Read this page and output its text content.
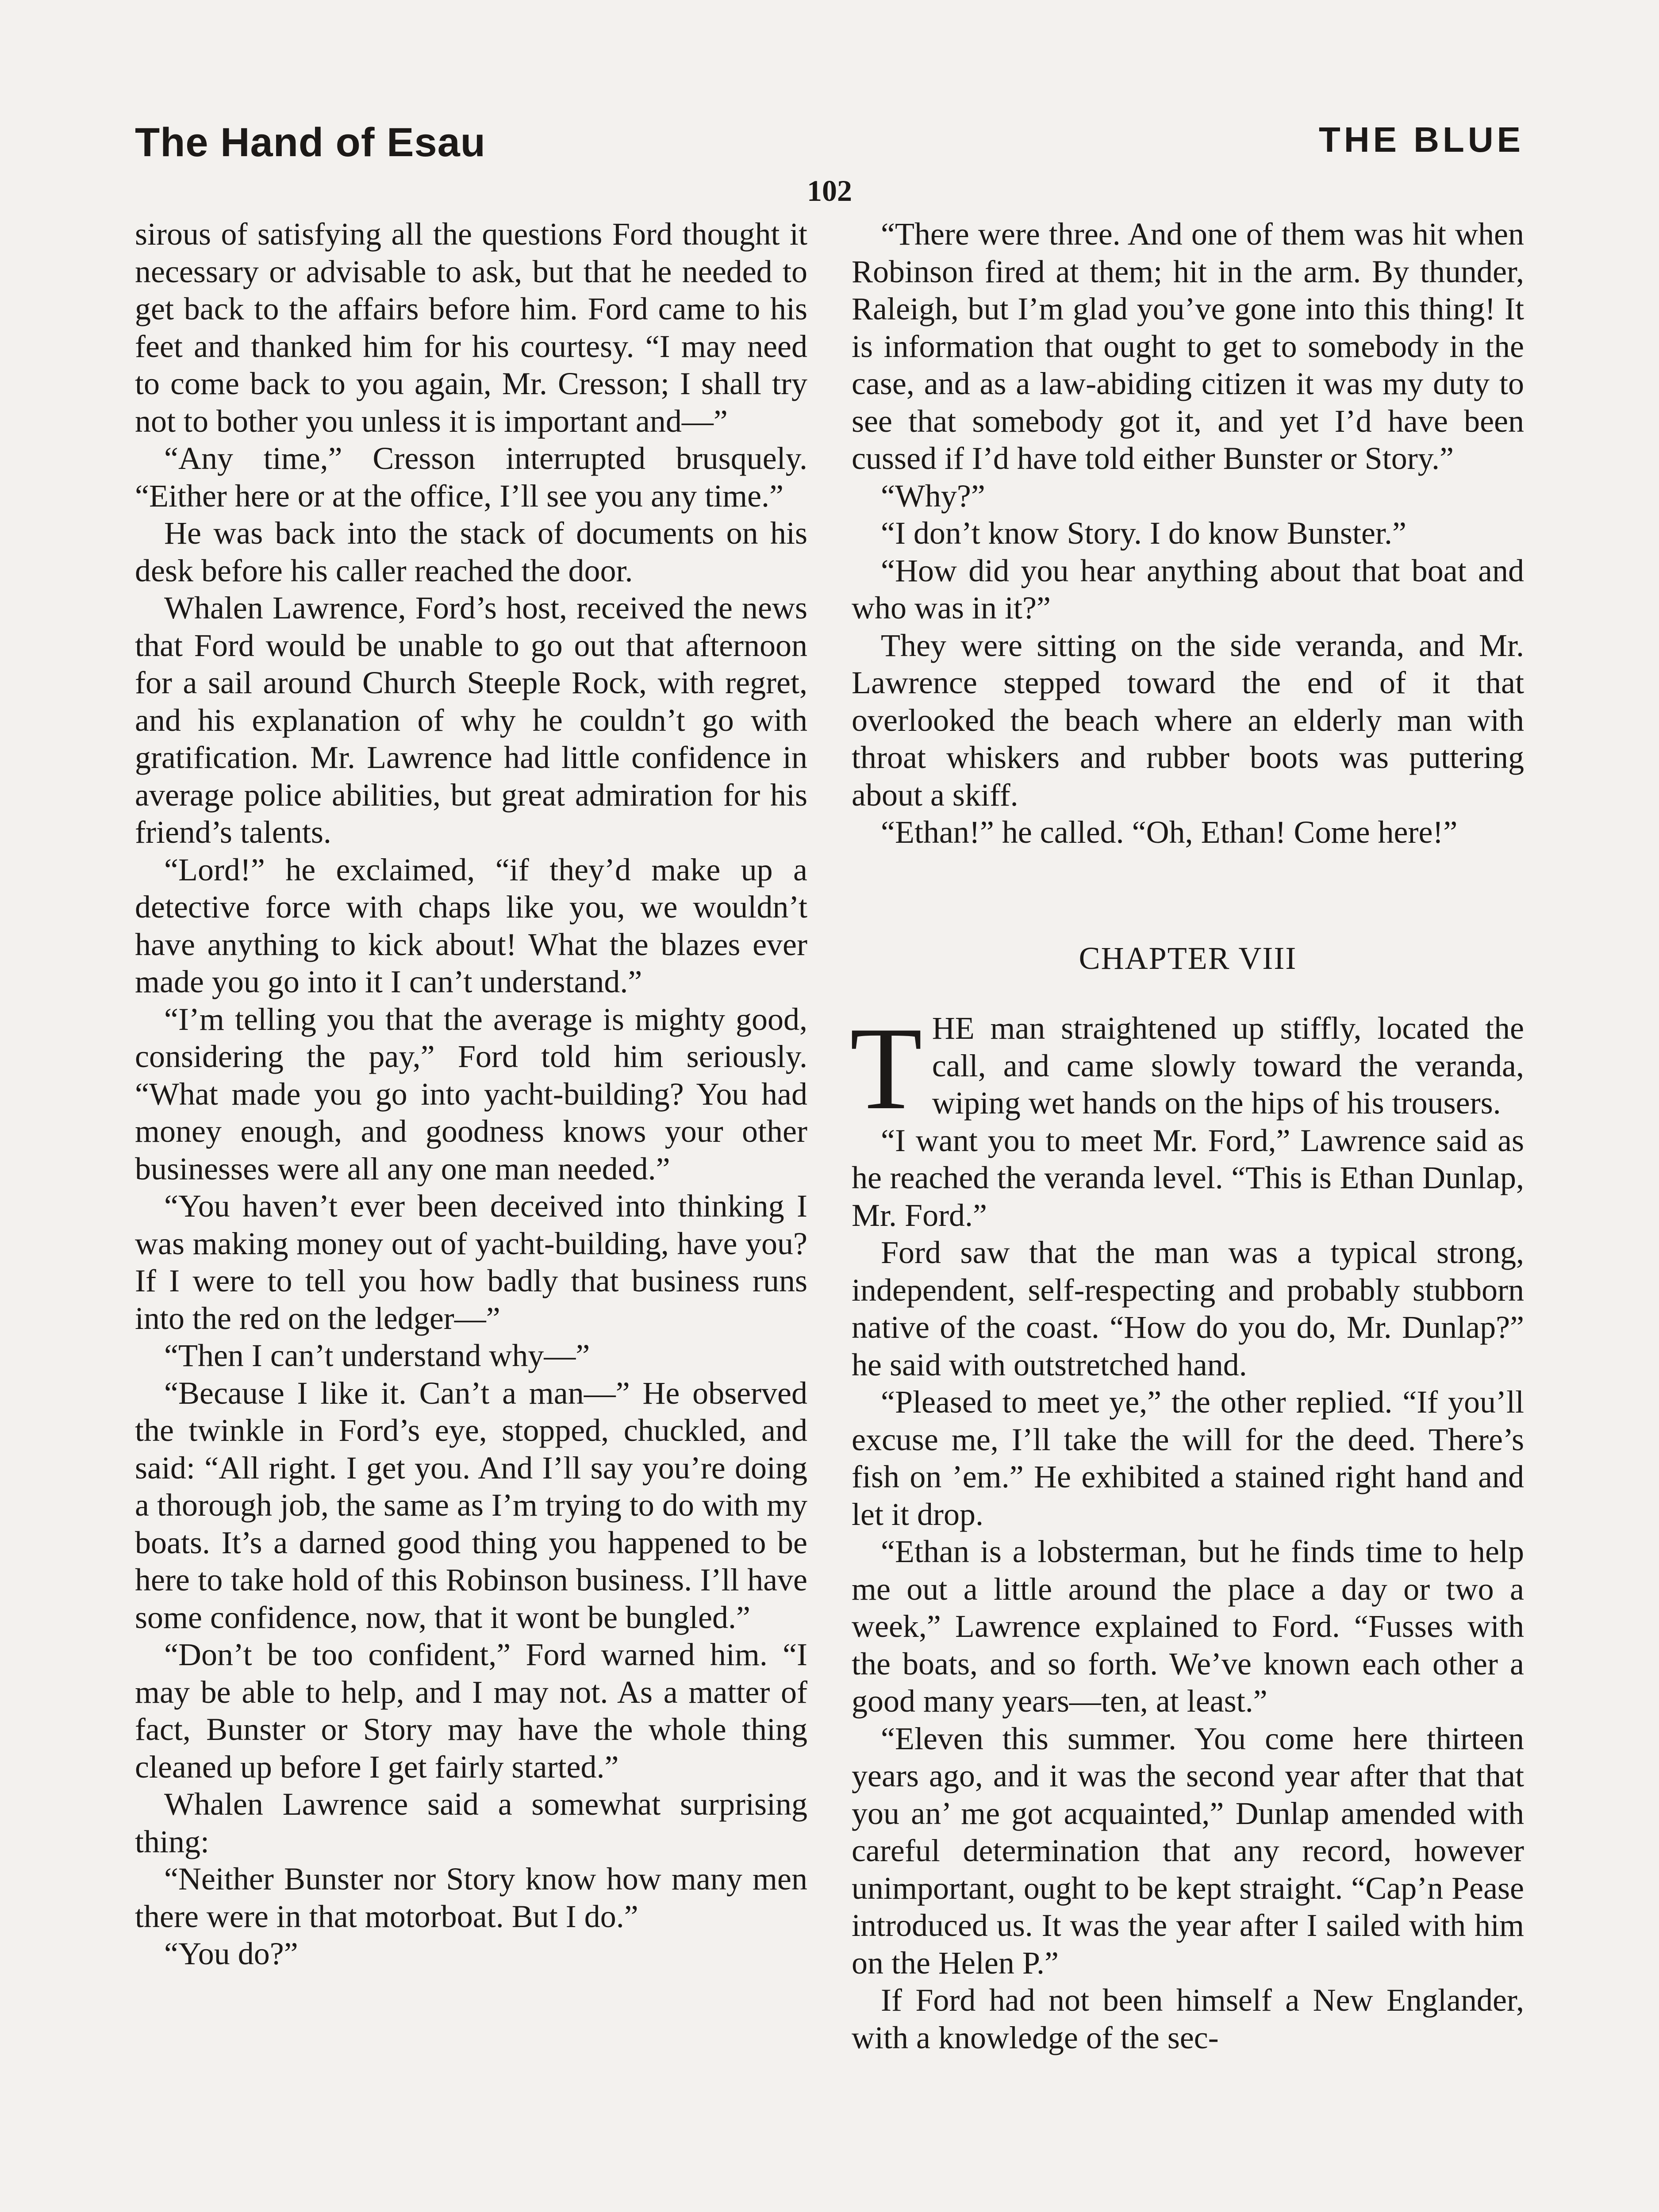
The Hand of Esau	THE BLUE
102

sirous of satisfying all the questions Ford thought it necessary or advisable to ask, but that he needed to get back to the affairs before him. Ford came to his feet and thanked him for his courtesy. “I may need to come back to you again, Mr. Cresson; I shall try not to bother you unless it is important and—”

“Any time,” Cresson interrupted brusquely. “Either here or at the office, I’ll see you any time.”

He was back into the stack of documents on his desk before his caller reached the door.

Whalen Lawrence, Ford’s host, received the news that Ford would be unable to go out that afternoon for a sail around Church Steeple Rock, with regret, and his explanation of why he couldn’t go with gratification. Mr. Lawrence had little confidence in average police abilities, but great admiration for his friend’s talents.

“Lord!” he exclaimed, “if they’d make up a detective force with chaps like you, we wouldn’t have anything to kick about! What the blazes ever made you go into it I can’t understand.”

“I’m telling you that the average is mighty good, considering the pay,” Ford told him seriously. “What made you go into yacht-building? You had money enough, and goodness knows your other businesses were all any one man needed.”

“You haven’t ever been deceived into thinking I was making money out of yacht-building, have you? If I were to tell you how badly that business runs into the red on the ledger—”

“Then I can’t understand why—”

“Because I like it. Can’t a man—” He observed the twinkle in Ford’s eye, stopped, chuckled, and said: “All right. I get you. And I’ll say you’re doing a thorough job, the same as I’m trying to do with my boats. It’s a darned good thing you happened to be here to take hold of this Robinson business. I’ll have some confidence, now, that it wont be bungled.”

“Don’t be too confident,” Ford warned him. “I may be able to help, and I may not. As a matter of fact, Bunster or Story may have the whole thing cleaned up before I get fairly started.”

Whalen Lawrence said a somewhat surprising thing:

“Neither Bunster nor Story know how many men there were in that motorboat. But I do.”

“You do?”

“There were three. And one of them was hit when Robinson fired at them; hit in the arm. By thunder, Raleigh, but I’m glad you’ve gone into this thing! It is information that ought to get to somebody in the case, and as a law-abiding citizen it was my duty to see that somebody got it, and yet I’d have been cussed if I’d have told either Bunster or Story.”

“Why?”

“I don’t know Story. I do know Bunster.”

“How did you hear anything about that boat and who was in it?”

They were sitting on the side veranda, and Mr. Lawrence stepped toward the end of it that overlooked the beach where an elderly man with throat whiskers and rubber boots was puttering about a skiff.

“Ethan!” he called. “Oh, Ethan! Come here!”

CHAPTER VIII

THE man straightened up stiffly, located the call, and came slowly toward the veranda, wiping wet hands on the hips of his trousers.

“I want you to meet Mr. Ford,” Lawrence said as he reached the veranda level. “This is Ethan Dunlap, Mr. Ford.”

Ford saw that the man was a typical strong, independent, self-respecting and probably stubborn native of the coast. “How do you do, Mr. Dunlap?” he said with outstretched hand.

“Pleased to meet ye,” the other replied. “If you’ll excuse me, I’ll take the will for the deed. There’s fish on ’em.” He exhibited a stained right hand and let it drop.

“Ethan is a lobsterman, but he finds time to help me out a little around the place a day or two a week,” Lawrence explained to Ford. “Fusses with the boats, and so forth. We’ve known each other a good many years—ten, at least.”

“Eleven this summer. You come here thirteen years ago, and it was the second year after that that you an’ me got acquainted,” Dunlap amended with careful determination that any record, however unimportant, ought to be kept straight. “Cap’n Pease introduced us. It was the year after I sailed with him on the Helen P.”

If Ford had not been himself a New Englander, with a knowledge of the sec-
